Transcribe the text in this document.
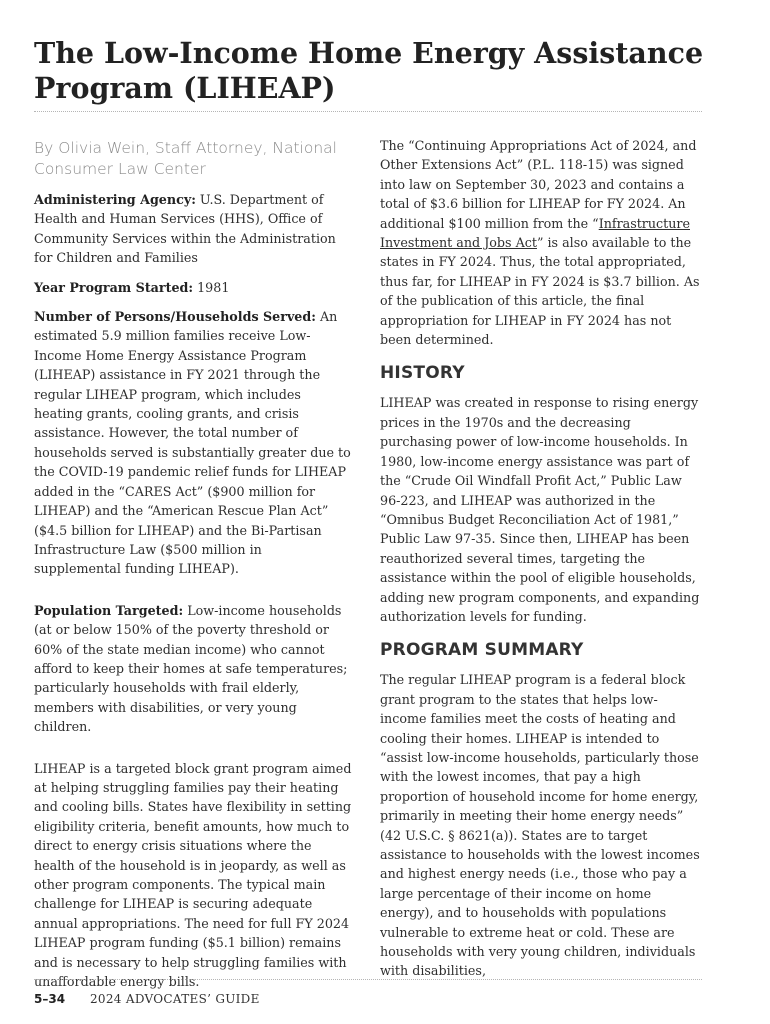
The Low-Income Home Energy Assistance Program (LIHEAP)

By Olivia Wein, Staff Attorney, National Consumer Law Center

Administering Agency: U.S. Department of Health and Human Services (HHS), Office of Community Services within the Administration for Children and Families

Year Program Started: 1981

Number of Persons/Households Served: An estimated 5.9 million families receive Low-Income Home Energy Assistance Program (LIHEAP) assistance in FY 2021 through the regular LIHEAP program, which includes heating grants, cooling grants, and crisis assistance. However, the total number of households served is substantially greater due to the COVID-19 pandemic relief funds for LIHEAP added in the “CARES Act” ($900 million for LIHEAP) and the “American Rescue Plan Act” ($4.5 billion for LIHEAP) and the Bi-Partisan Infrastructure Law ($500 million in supplemental funding LIHEAP).

Population Targeted: Low-income households (at or below 150% of the poverty threshold or 60% of the state median income) who cannot afford to keep their homes at safe temperatures; particularly households with frail elderly, members with disabilities, or very young children.

LIHEAP is a targeted block grant program aimed at helping struggling families pay their heating and cooling bills. States have flexibility in setting eligibility criteria, benefit amounts, how much to direct to energy crisis situations where the health of the household is in jeopardy, as well as other program components. The typical main challenge for LIHEAP is securing adequate annual appropriations. The need for full FY 2024 LIHEAP program funding ($5.1 billion) remains and is necessary to help struggling families with unaffordable energy bills.

The “Continuing Appropriations Act of 2024, and Other Extensions Act” (P.L. 118-15) was signed into law on September 30, 2023 and contains a total of $3.6 billion for LIHEAP for FY 2024. An additional $100 million from the “Infrastructure Investment and Jobs Act” is also available to the states in FY 2024. Thus, the total appropriated, thus far, for LIHEAP in FY 2024 is $3.7 billion. As of the publication of this article, the final appropriation for LIHEAP in FY 2024 has not been determined.

HISTORY

LIHEAP was created in response to rising energy prices in the 1970s and the decreasing purchasing power of low-income households. In 1980, low-income energy assistance was part of the “Crude Oil Windfall Profit Act,” Public Law 96-223, and LIHEAP was authorized in the “Omnibus Budget Reconciliation Act of 1981,” Public Law 97-35. Since then, LIHEAP has been reauthorized several times, targeting the assistance within the pool of eligible households, adding new program components, and expanding authorization levels for funding.

PROGRAM SUMMARY

The regular LIHEAP program is a federal block grant program to the states that helps low-income families meet the costs of heating and cooling their homes. LIHEAP is intended to “assist low-income households, particularly those with the lowest incomes, that pay a high proportion of household income for home energy, primarily in meeting their home energy needs” (42 U.S.C. § 8621(a)). States are to target assistance to households with the lowest incomes and highest energy needs (i.e., those who pay a large percentage of their income on home energy), and to households with populations vulnerable to extreme heat or cold. These are households with very young children, individuals with disabilities,

5–34 2024 ADVOCATES’ GUIDE
